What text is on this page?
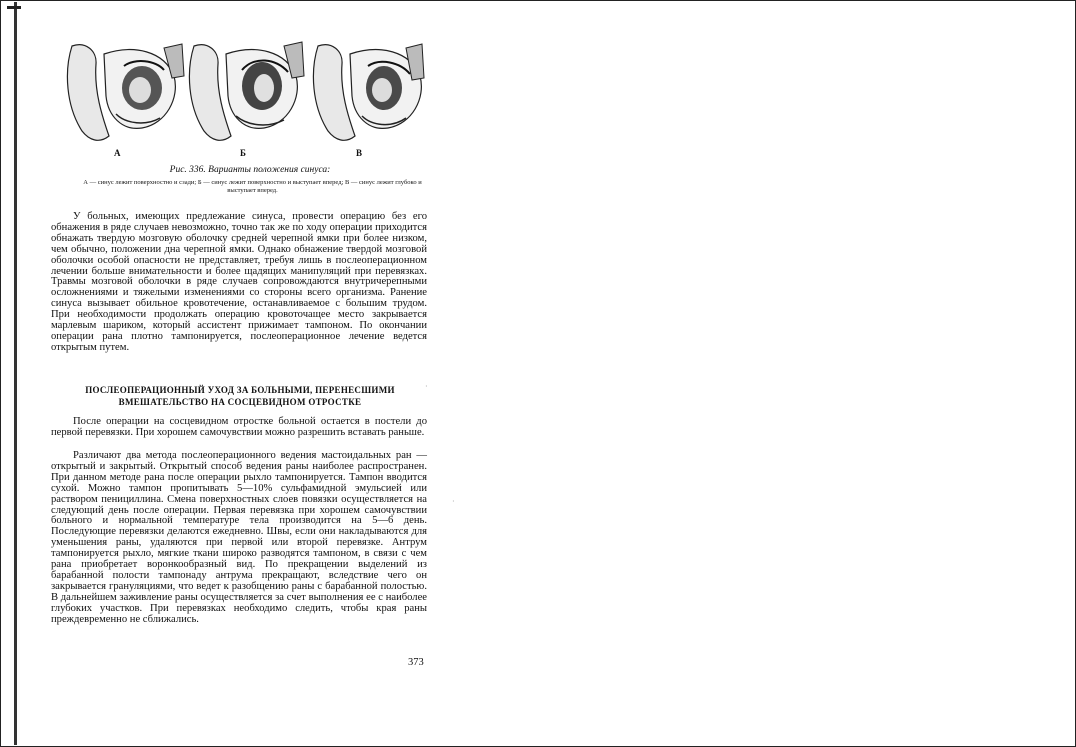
А	Б	В
Рис. 336. Варианты положения синуса:
А — синус лежит поверхностно и сзади; Б — синус лежит поверхностно и выступает вперед; В — синус лежит глубоко и выступает вперед.

У больных, имеющих предлежание синуса, провести операцию без его обнажения в ряде случаев невозможно, точно так же по ходу операции приходится обнажать твердую мозговую оболочку средней черепной ямки при более низком, чем обычно, положении дна черепной ямки. Однако обнажение твердой мозговой оболочки особой опасности не представляет, требуя лишь в послеоперационном лечении больше внимательности и более щадящих манипуляций при перевязках. Травмы мозговой оболочки в ряде случаев сопровождаются внутричерепными осложнениями и тяжелыми изменениями со стороны всего организма. Ранение синуса вызывает обильное кровотечение, останавливаемое с большим трудом. При необходимости продолжать операцию кровоточащее место закрывается марлевым шариком, который ассистент прижимает тампоном. По окончании операции рана плотно тампонируется, послеоперационное лечение ведется открытым путем.

ПОСЛЕОПЕРАЦИОННЫЙ УХОД ЗА БОЛЬНЫМИ, ПЕРЕНЕСШИМИ
ВМЕШАТЕЛЬСТВО НА СОСЦЕВИДНОМ ОТРОСТКЕ

После операции на сосцевидном отростке больной остается в постели до первой перевязки. При хорошем самочувствии можно разрешить вставать раньше.

Различают два метода послеоперационного ведения мастоидальных ран — открытый и закрытый. Открытый способ ведения раны наиболее распространен. При данном методе рана после операции рыхло тампонируется. Тампон вводится сухой. Можно тампон пропитывать 5—10% сульфамидной эмульсией или раствором пенициллина. Смена поверхностных слоев повязки осуществляется на следующий день после операции. Первая перевязка при хорошем самочувствии больного и нормальной температуре тела производится на 5—6 день. Последующие перевязки делаются ежедневно. Швы, если они накладываются для уменьшения раны, удаляются при первой или второй перевязке. Антрум тампонируется рыхло, мягкие ткани широко разводятся тампоном, в связи с чем рана приобретает воронкообразный вид. По прекращении выделений из барабанной полости тампонаду антрума прекращают, вследствие чего он закрывается грануляциями, что ведет к разобщению раны с барабанной полостью. В дальнейшем заживление раны осуществляется за счет выполнения ее с наиболее глубоких участков. При перевязках необходимо следить, чтобы края раны преждевременно не сближались.

373
·
·
